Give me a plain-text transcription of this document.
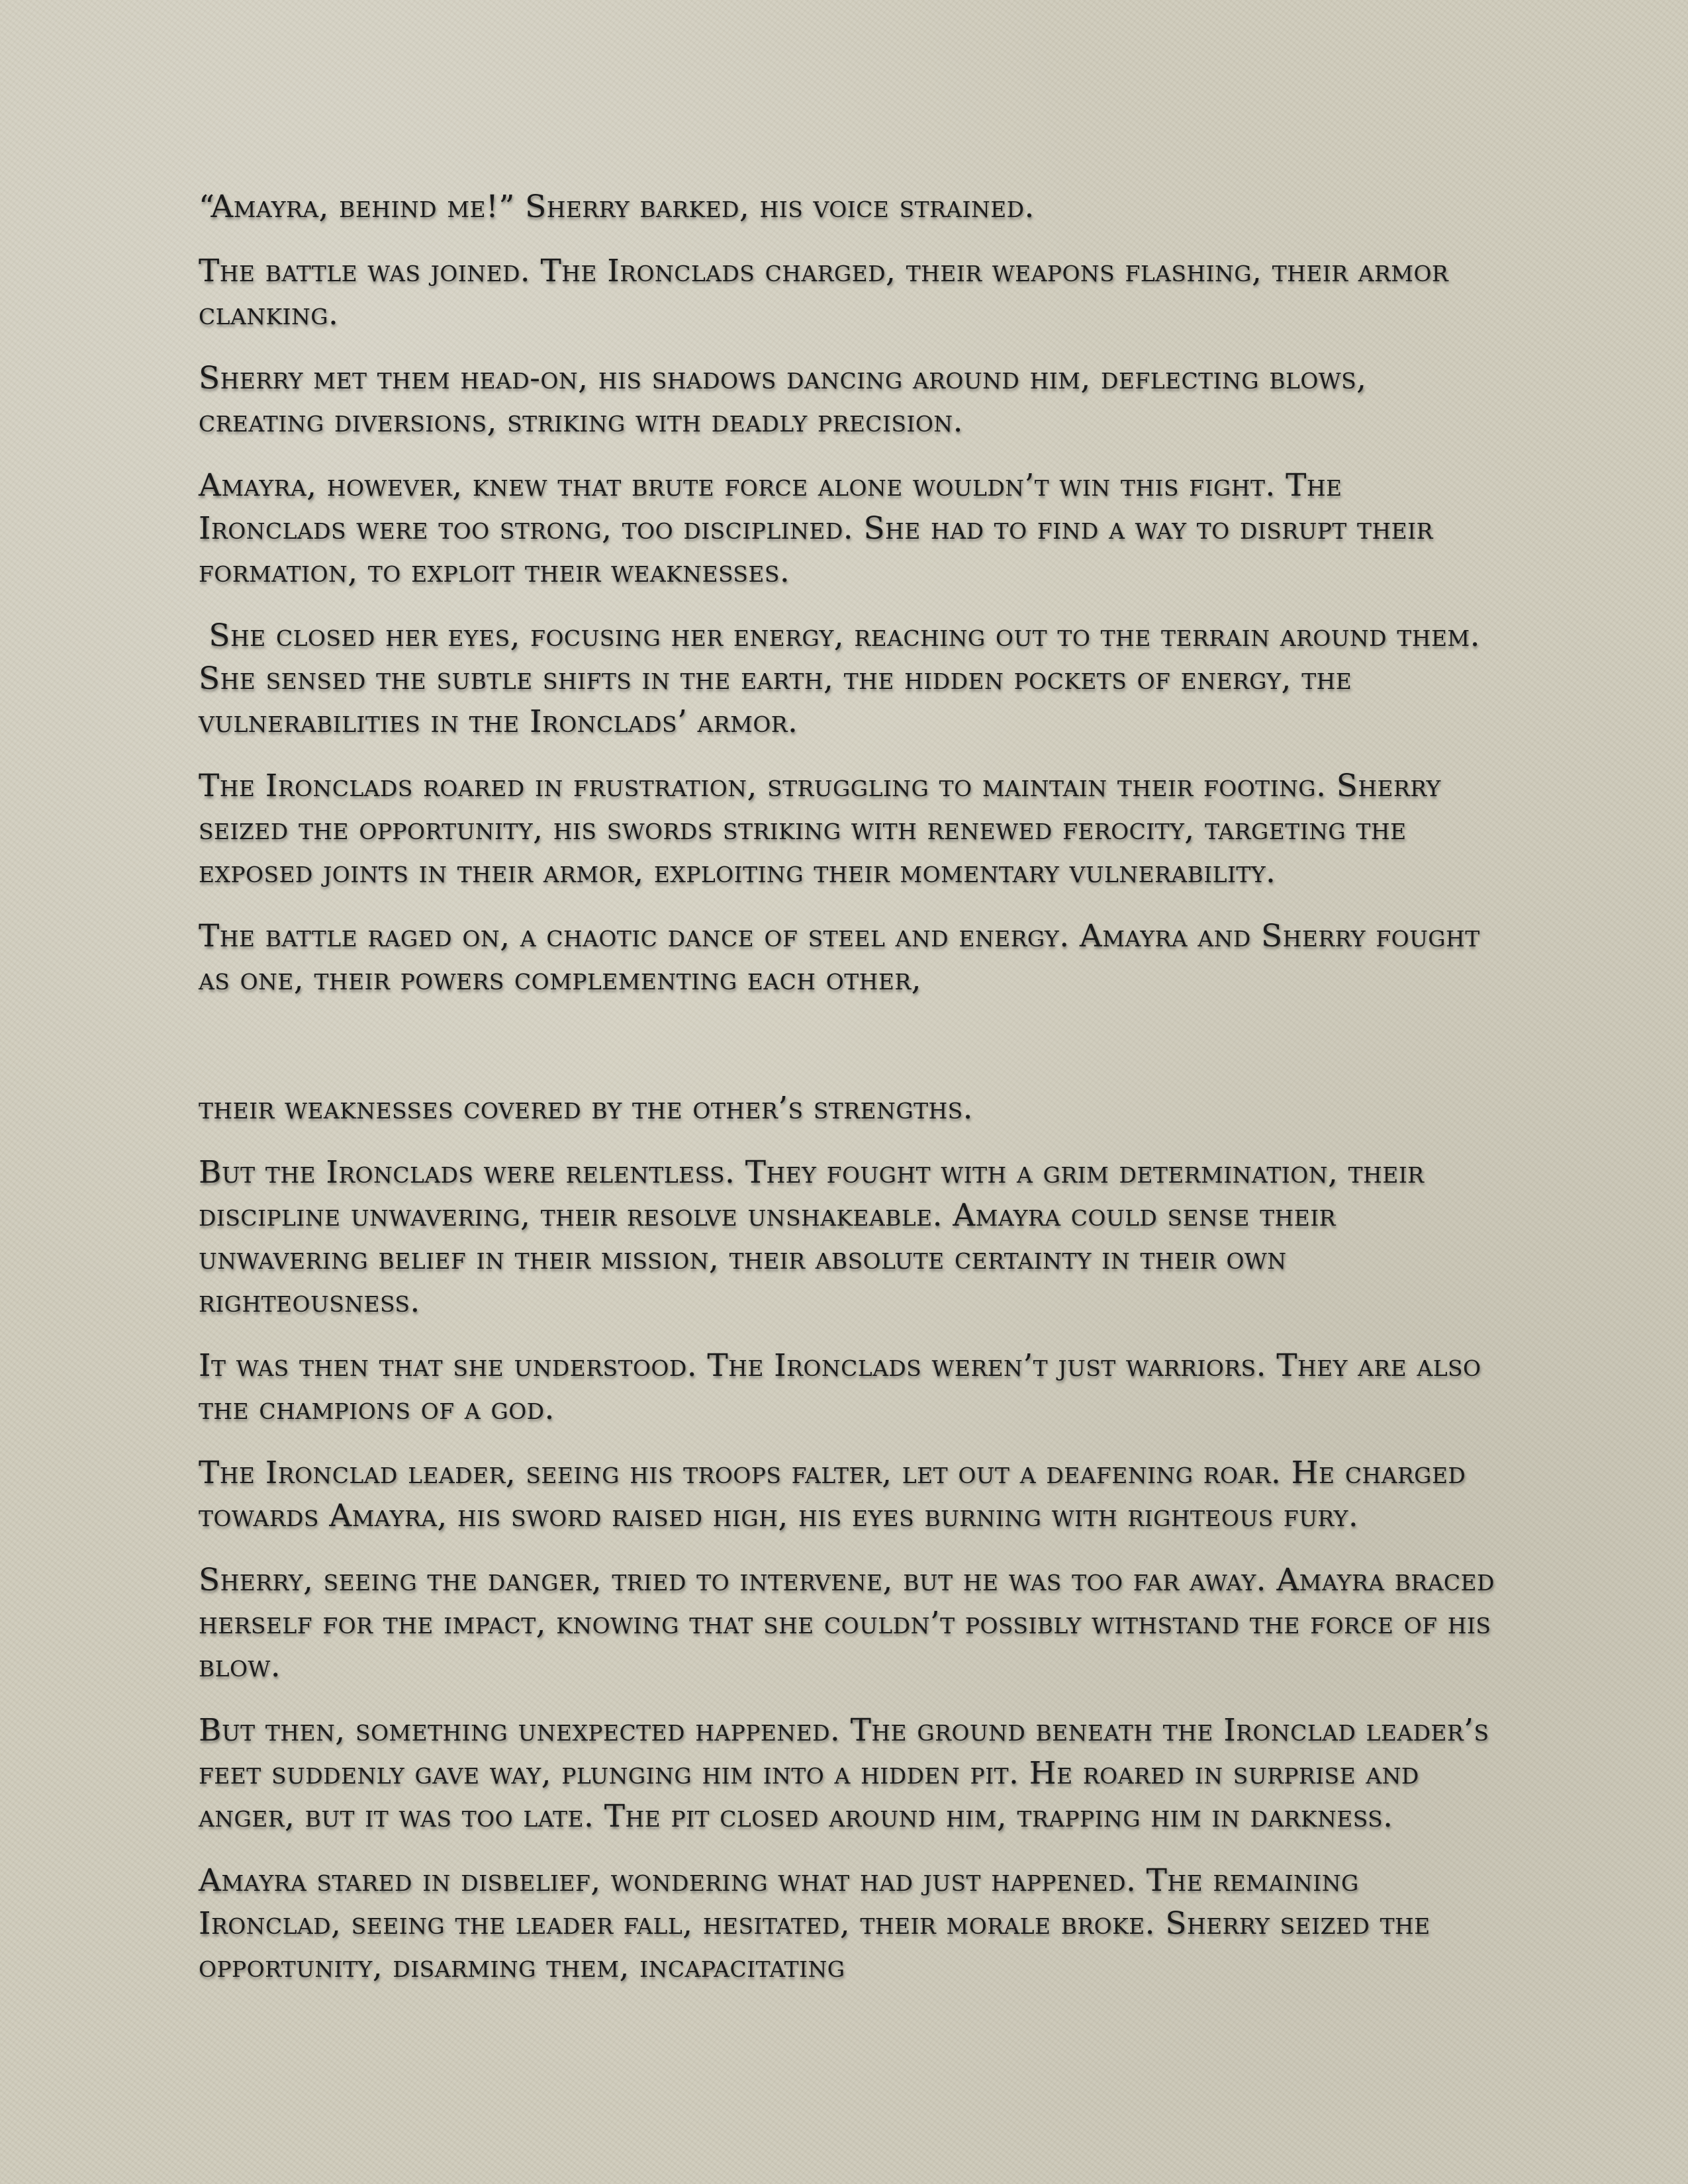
“Amayra, behind me!” Sherry barked, his voice strained.

The battle was joined. The Ironclads charged, their weapons flashing, their armor clanking.

Sherry met them head-on, his shadows dancing around him, deflecting blows, creating diversions, striking with deadly precision.

Amayra, however, knew that brute force alone wouldn’t win this fight. The Ironclads were too strong, too disciplined. She had to find a way to disrupt their formation, to exploit their weaknesses.

She closed her eyes, focusing her energy, reaching out to the terrain around them. She sensed the subtle shifts in the earth, the hidden pockets of energy, the vulnerabilities in the Ironclads’ armor.

The Ironclads roared in frustration, struggling to maintain their footing. Sherry seized the opportunity, his swords striking with renewed ferocity, targeting the exposed joints in their armor, exploiting their momentary vulnerability.

The battle raged on, a chaotic dance of steel and energy. Amayra and Sherry fought as one, their powers complementing each other,

their weaknesses covered by the other’s strengths.

But the Ironclads were relentless. They fought with a grim determination, their discipline unwavering, their resolve unshakeable. Amayra could sense their unwavering belief in their mission, their absolute certainty in their own righteousness.

It was then that she understood. The Ironclads weren’t just warriors. They are also the champions of a god.

The Ironclad leader, seeing his troops falter, let out a deafening roar. He charged towards Amayra, his sword raised high, his eyes burning with righteous fury.

Sherry, seeing the danger, tried to intervene, but he was too far away. Amayra braced herself for the impact, knowing that she couldn’t possibly withstand the force of his blow.

But then, something unexpected happened. The ground beneath the Ironclad leader’s feet suddenly gave way, plunging him into a hidden pit. He roared in surprise and anger, but it was too late. The pit closed around him, trapping him in darkness.

Amayra stared in disbelief, wondering what had just happened. The remaining Ironclad, seeing the leader fall, hesitated, their morale broke. Sherry seized the opportunity, disarming them, incapacitating
